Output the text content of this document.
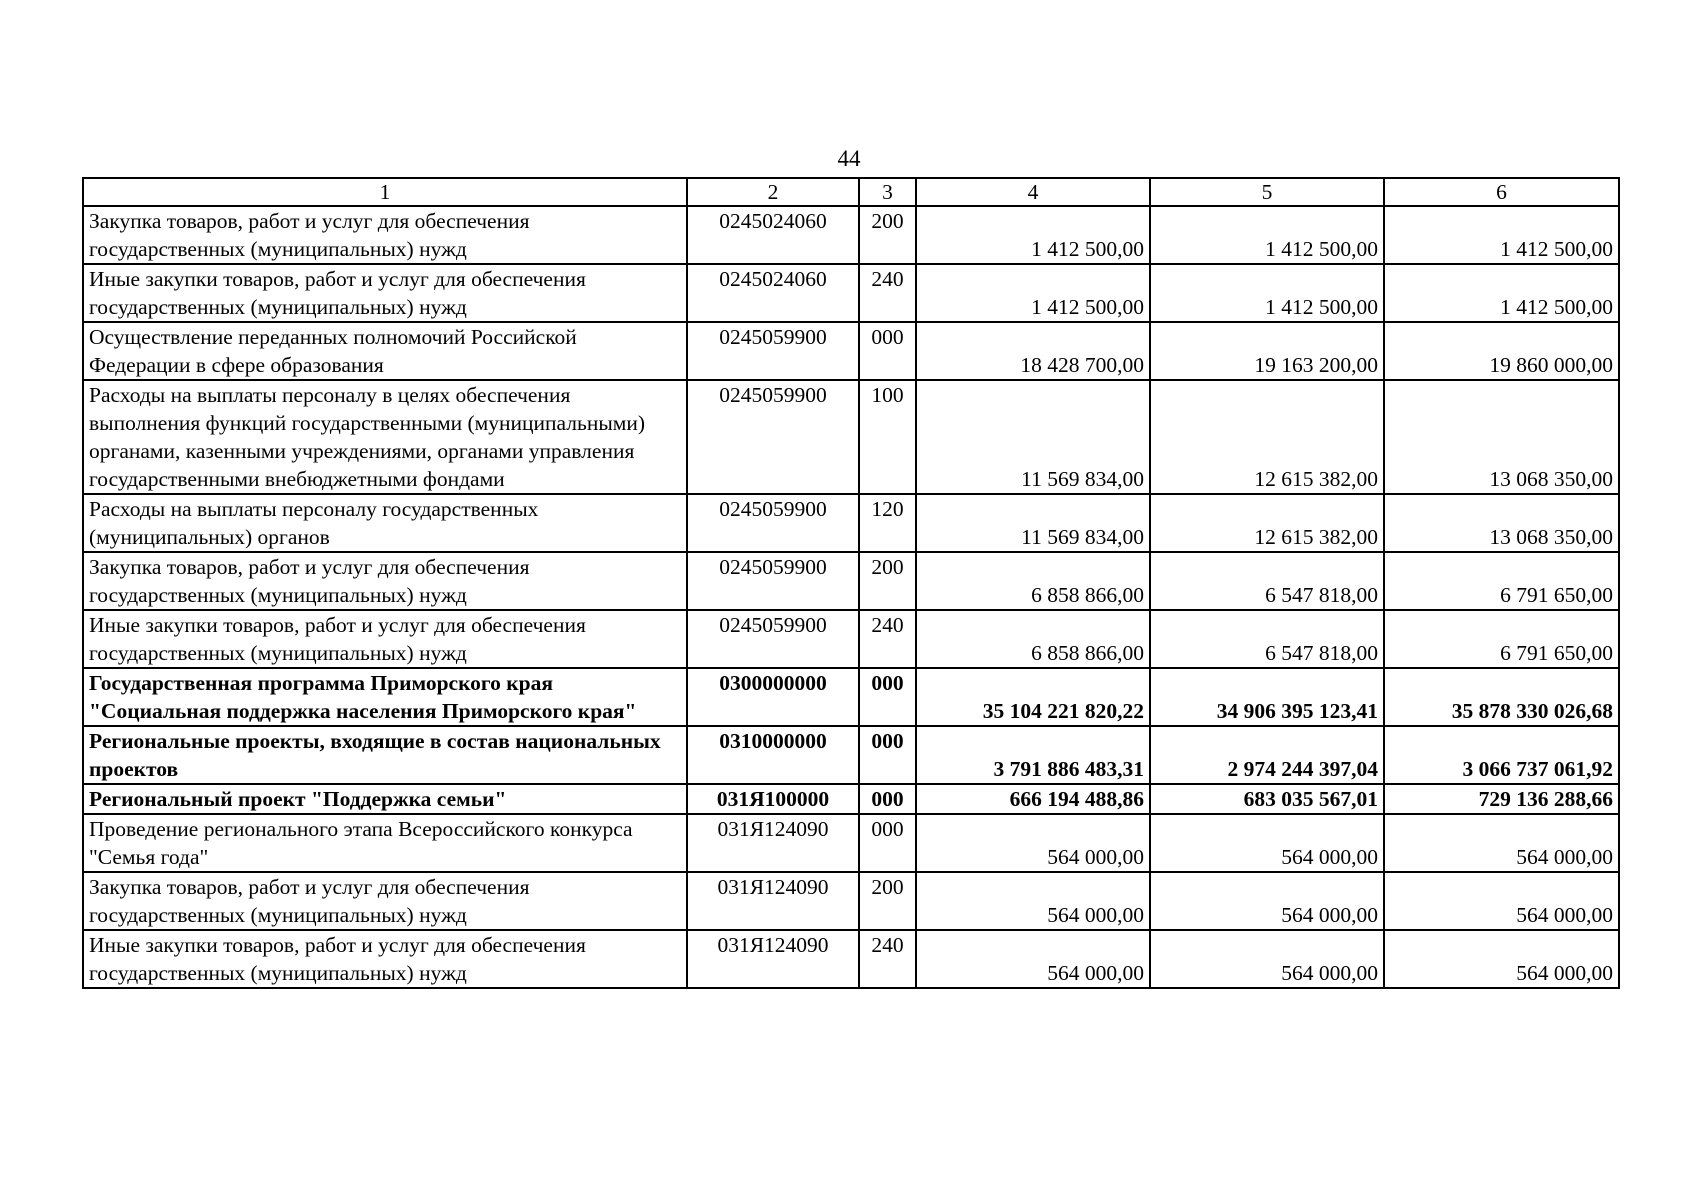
44
1	2	3	4	5	6
Закупка товаров, работ и услуг для обеспечения государственных (муниципальных) нужд	0245024060	200	1 412 500,00	1 412 500,00	1 412 500,00
Иные закупки товаров, работ и услуг для обеспечения государственных (муниципальных) нужд	0245024060	240	1 412 500,00	1 412 500,00	1 412 500,00
Осуществление переданных полномочий Российской Федерации в сфере образования	0245059900	000	18 428 700,00	19 163 200,00	19 860 000,00
Расходы на выплаты персоналу в целях обеспечения выполнения функций государственными (муниципальными) органами, казенными учреждениями, органами управления государственными внебюджетными фондами	0245059900	100	11 569 834,00	12 615 382,00	13 068 350,00
Расходы на выплаты персоналу государственных (муниципальных) органов	0245059900	120	11 569 834,00	12 615 382,00	13 068 350,00
Закупка товаров, работ и услуг для обеспечения государственных (муниципальных) нужд	0245059900	200	6 858 866,00	6 547 818,00	6 791 650,00
Иные закупки товаров, работ и услуг для обеспечения государственных (муниципальных) нужд	0245059900	240	6 858 866,00	6 547 818,00	6 791 650,00
Государственная программа Приморского края "Социальная поддержка населения Приморского края"	0300000000	000	35 104 221 820,22	34 906 395 123,41	35 878 330 026,68
Региональные проекты, входящие в состав национальных проектов	0310000000	000	3 791 886 483,31	2 974 244 397,04	3 066 737 061,92
Региональный проект "Поддержка семьи"	031Я100000	000	666 194 488,86	683 035 567,01	729 136 288,66
Проведение регионального этапа Всероссийского конкурса "Семья года"	031Я124090	000	564 000,00	564 000,00	564 000,00
Закупка товаров, работ и услуг для обеспечения государственных (муниципальных) нужд	031Я124090	200	564 000,00	564 000,00	564 000,00
Иные закупки товаров, работ и услуг для обеспечения государственных (муниципальных) нужд	031Я124090	240	564 000,00	564 000,00	564 000,00
